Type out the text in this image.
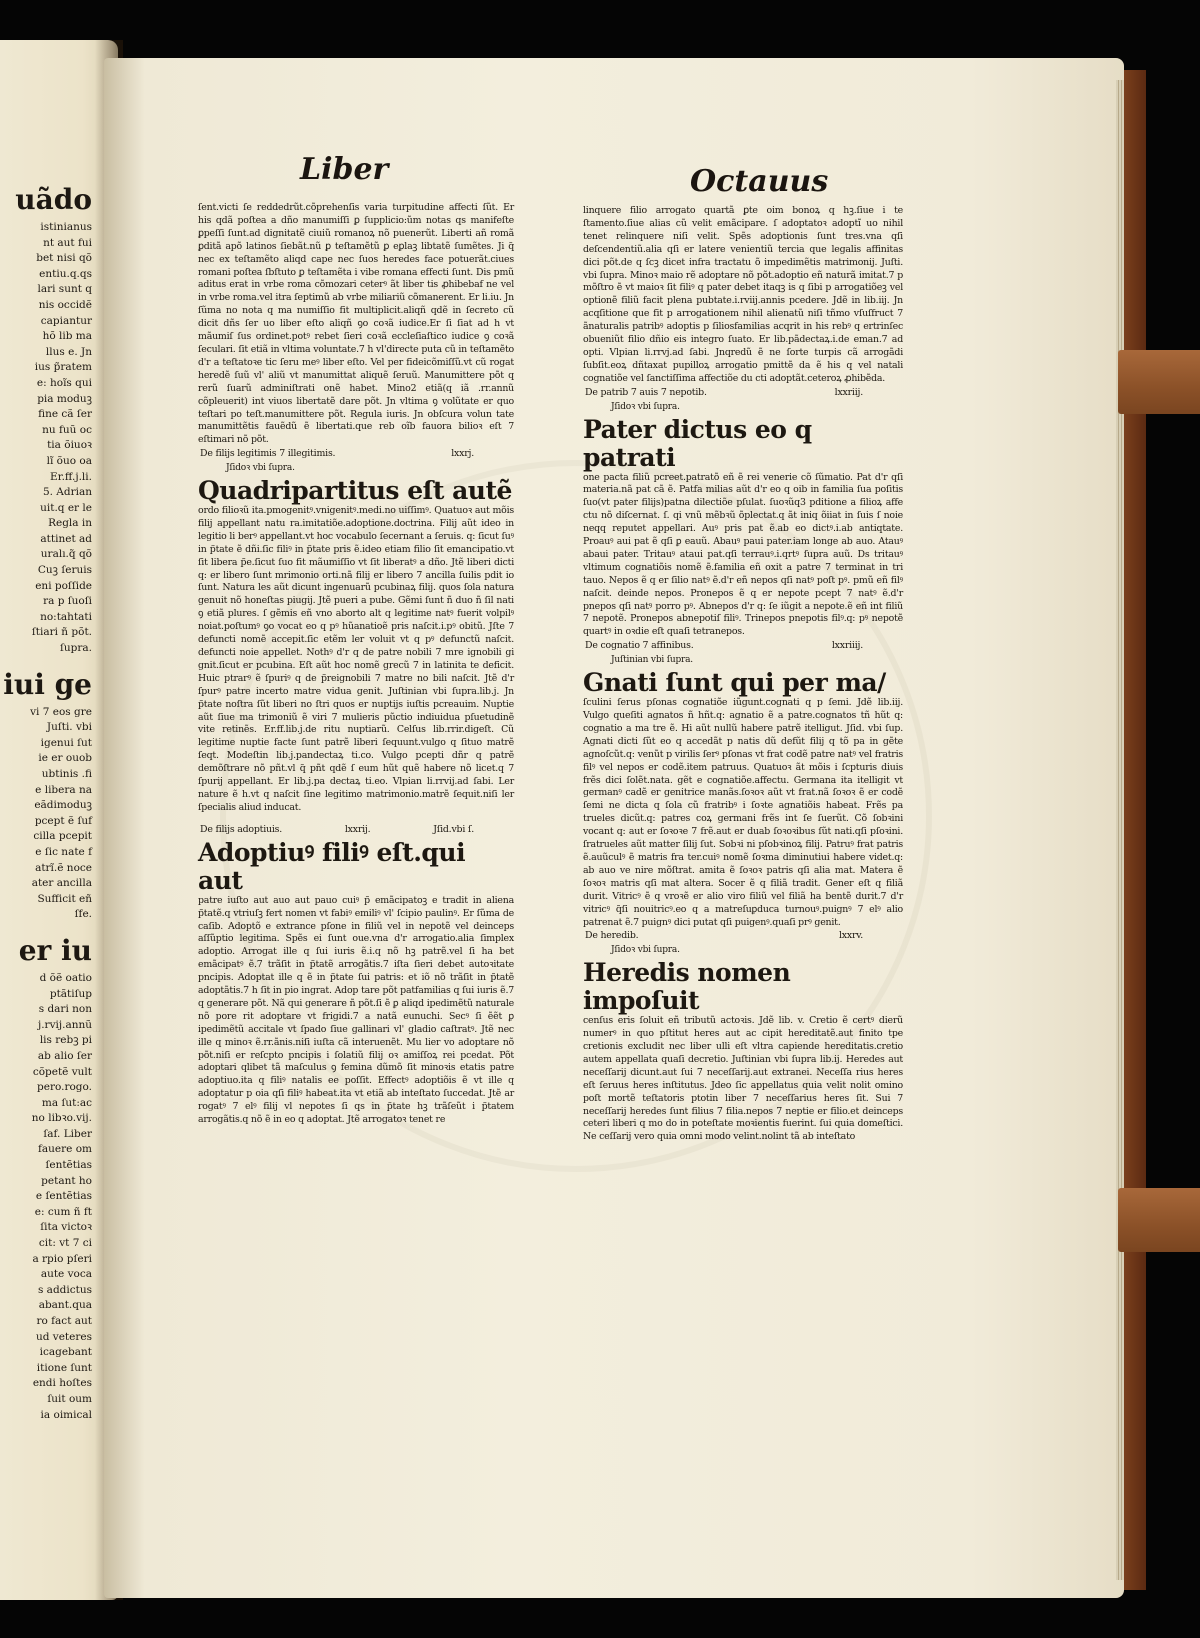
uãdo
istinianus
nt aut fui
bet nisi qõ
entiu.q.qs
lari sunt q
nis occidẽ
capiantur
hõ lib ma
llus e. Jn
ius p̃ratem
e: hoĩs qui
pia moduꝫ
fine cã ſer
nu fuũ oc
tia õiuoꝛ
lĩ õuo oa
Er.ff.j.li.
5. Adrian
uit.q er le
Regla in
attinet ad
uralı.q̃ qõ
Cuꝫ ſeruis
eni poſſide
ra p ſuoſi
no:tahtati
ſtiari ñ põt.
ſupra.
iui ge
vi 7 eos gre
Juſti. vbi
igenui ſut
ie er ouob
ubtinis .fi
e libera na
eãdimoduꝫ
pcept ẽ ſuf
cilla pcepit
e ſic nate f
atrĩ.ẽ noce
ater ancilla
Sufficit eñ
ſfe.
er iu
d õẽ oatio
ptãtiſup
s dari non
j.rvij.annũ
lis rebꝫ pi
ab alio ſer
cõpetẽ vult
pero.rogo.
ma ſut:ac
no libꝛo.vij.
ſaf. Liber
fauere om
ſentẽtias
petant ho
e ſentẽtias
e: cum ñ ft
ſita victoꝛ
cit: vt 7 ci
a rpio pſeri
aute voca
s addictus
abant.qua
ro fact aut
ud veteres
icagebant
itione ſunt
endi hoſtes
ſuit oum
ia oimical
Liber	Octauus

ſent.victi ſe reddedrũt.cõprehenſis varia turpitudine affecti ſũt. Er his qdã poſtea a dño manumiſſi ꝑ ſupplicio:ũm notas qs manifeſte ꝑpeſſi ſunt.ad dignitatẽ ciuiũ romanoꝝ nõ puenerũt. Liberti añ romã ꝑditã apõ latinos ſiebãt.nũ ꝑ teſtamẽtũ ꝑ eꝑlaꝫ libtatẽ ſumẽtes. Ji q̃ nec ex teſtamẽto aliqd cape nec ſuos heredes face potuerãt.ciues romani poſtea ſbſtuto ꝑ teſtamẽta i vibe romana effecti ſunt. Dis pmũ aditus erat in vrbe roma cõmozari ceterꝰ ãt liber tis ꝓhibebaf ne vel in vrbe roma.vel itra ſeptimũ ab vrbe miliariũ cõmanerent. Er li.iu. Jn ſũma no nota q ma numiſſio fit multiplicit.aliqñ qdẽ in ſecreto cũ dicit dñs ſer uo liber eſto aliqñ ꝯo coꝛã iudice.Er ſi ſiat ad h vt mãumiſ ſus ordinet.potꝰ rebet ſieri coꝛã eccleſiaſtico iudice ꝯ coꝛã ſeculari. ſit etiã in vltima voluntate.7 h vl'directe puta cũ in teſtamẽto d'r a teſtatoꝛe tic ſeru meꝰ liber eſto. Vel per fideicõmiſſũ.vt cũ rogat heredẽ ſuũ vl' aliũ vt manumittat aliquẽ ſeruũ. Manumittere põt q rerũ ſuarũ adminiſtrati onẽ habet. Mino2 etiã(q iã .rr.annũ cõpleuerit) int viuos libertatẽ dare põt. Jn vltima ꝯ volũtate er quo teſtari po teſt.manumittere põt. Regula iuris. Jn obſcura volun tate manumittẽtis fauẽdũ ẽ libertati.que reb oĩb fauora bilioꝛ eſt 7 eſtimari nõ põt.

De filijs legitimis 7 illegitimis.	lxxrj.
Jſidoꝛ vbi ſupra.
Quadripartitus eſt autẽ

ordo filioꝛũ ita.pmogenitꝰ.vnigenitꝰ.medi.no uiſſimꝰ. Quatuoꝛ aut mõis filij appellant natu ra.imitatiõe.adoptione.doctrina. Filij aũt ideo in legitio li berꝰ appellant.vt hoc vocabulo ſecernant a ſeruis. q: ſicut ſuꝰ in p̃tate ẽ dñi.ſic filiꝰ in p̃tate pris ẽ.ideo etiam filio ſit emancipatio.vt ſit libera p̃e.ſicut ſuo fit mãumiſſio vt ſit liberatꝰ a dño. Jtẽ liberi dicti q: er libero ſunt mrimonio orti.nã filij er libero 7 ancilla ſuilis pdit io ſunt. Natura les aũt dicunt ingenuarũ pcubinaꝝ filij. quos ſola natura genuit nõ honeſtas piugij. Jtẽ pueri a pube. Gẽmi ſunt ñ duo ñ ſil nati ꝯ etiã plures. ſ gẽmis eñ vno aborto alt q legitime natꝰ fuerit volpilꝰ noiat.poſtumꝰ ꝯo vocat eo q pꝰ hũanatioẽ pris naſcit.i.pꝰ obitũ. Jſte 7 defuncti nomẽ accepit.ſic etẽm ler voluit vt q pꝰ defunctũ naſcit. defuncti noie appellet. Nothꝰ d'r q de patre nobili 7 mre ignobili gi gnit.ſicut er pcubina. Eſt aũt hoc nomẽ grecũ 7 in latinita te deficit. Huic ptrarꝰ ẽ ſpuriꝰ q de p̃reignobili 7 matre no bili naſcit. Jtẽ d'r ſpurꝰ patre incerto matre vidua genit. Juſtinian vbi ſupra.lib.j. Jn p̃tate noſtra ſũt liberi no ſtri quos er nuptijs iuſtis pcreauim. Nuptie aũt ſiue ma trimoniũ ẽ viri 7 mulieris pũctio indiuidua pſuetudinẽ vite retinẽs. Er.ff.lib.j.de ritu nuptiarũ. Celſus lib.rrir.digeſt. Cũ legitime nuptie facte ſunt patrẽ liberi ſequunt.vulgo q ſituo matrẽ ſeqt. Modeſtin lib.j.pandectaꝝ ti.co. Vulgo pcepti dñr q patrẽ demõſtrare nõ pñt.vl q̃ pñt qdẽ ſ eum hũt quẽ habere nõ licet.q 7 ſpurij appellant. Er lib.j.pa dectaꝝ ti.eo. Vlpian li.rrvij.ad ſabi. Ler nature ẽ h.vt q naſcit ſine legitimo matrimonio.matrẽ ſequit.niſi ler ſpecialis aliud inducat.

De filijs adoptiuis.	lxxrij.	Jſid.vbi ſ.
Adoptiuꝰ filiꝰ eſt.qui aut

patre iuſto aut auo aut pauo cuiꝰ p̃ emãcipatoꝫ e tradit in aliena p̃tatẽ.q vtriuſꝫ fert nomen vt fabiꝰ emiliꝰ vl' ſcipio paulinꝰ. Er ſũma de caſib. Adoptõ e extrance pſone in filiũ vel in nepotẽ vel deinceps aſſũptio legitima. Spẽs ei ſunt oue.vna d'r arrogatio.alia ſimplex adoptio. Arrogat ille q ſui iuris ẽ.i.q nõ hꝫ patrẽ.vel ſi ha bet emãcipatꝰ ẽ.7 trãſit in p̃tatẽ arrogãtis.7 iſta ſieri debet autoꝛitate pncipis. Adoptat ille q ẽ in p̃tate ſui patris: et iõ nõ trãſit in p̃tatẽ adoptãtis.7 h ſit in pio ingrat. Adop tare põt patfamilias q ſui iuris ẽ.7 q generare põt. Nã qui generare ñ põt.ſi ẽ ꝑ aliqd ipedimẽtũ naturale nõ pore rit adoptare vt frigidi.7 a natã eunuchi. Secꝰ ſi ẽẽt ꝑ ipedimẽtũ accitale vt ſpado ſiue gallinari vl' gladio caſtratꝰ. Jtẽ nec ille q minoꝛ ẽ.rr.ãnis.niſi iuſta cã interuenẽt. Mu lier vo adoptare nõ põt.niſi er reſcpto pncipis i ſolatiũ filij oꝛ amiſſoꝝ rei pcedat. Põt adoptari qlibet tã maſculus ꝯ femina dũmõ ſit minoꝛis etatis patre adoptiuo.ita q filiꝰ natalis ee poſſit. Effectꝰ adoptiõis ẽ vt ille q adoptatur p oia qſi filiꝰ habeat.ita vt etiã ab inteſtato ſuccedat. Jtẽ ar rogatꝰ 7 elꝰ filij vl nepotes ſi qs in p̃tate hꝫ trãſeũt i p̃tatem arrogãtis.q nõ ẽ in eo q adoptat. Jtẽ arrogatoꝛ tenet re

linquere filio arrogato quartã ꝑte oim bonoꝝ q hꝫ.ſiue i te ſtamento.ſiue alias cũ velit emãcipare. ſ adoptatoꝛ adoptĩ uo nihil tenet relinquere niſi velit. Spẽs adoptionis ſunt tres.vna qſi deſcendentiũ.alia qſi er latere venientiũ tercia que legalis affinitas dici põt.de q ſcꝫ dicet infra tractatu õ impedimẽtis matrimonij. Juſti. vbi ſupra. Minoꝛ maio rẽ adoptare nõ põt.adoptio eñ naturã imitat.7 p mõſtro ẽ vt maioꝛ ſit filiꝰ q pater debet itaqꝫ is q ſibi p arrogatiõeꝫ vel optionẽ filiũ facit plena pubtate.i.rviij.annis pcedere. Jdẽ in lib.iij. Jn acqſitione que fit p arrogationem nihil alienatũ niſi tñmo vſuſfruct 7 ãnaturalis patribꝰ adoptis p ſiliosfamilias acqrit in his rebꝰ q ertrinſec obueniũt filio dñio eis integro ſuato. Er lib.pãdectaꝝ.i.de eman.7 ad opti. Vlpian li.rrvj.ad ſabi. Jnqredũ ẽ ne ſorte turpis cã arrogãdi ſubſit.eoꝝ dñtaxat pupilloꝝ arrogatio pmittẽ da ẽ his q vel natali cognatiõe vel ſanctiſſima affectiõe du cti adoptãt.ceteroꝝ ꝓhibẽda.

De patrib 7 auis 7 nepotib.	lxxriij.
Jſidoꝛ vbi ſupra.
Pater dictus eo q patrati

one pacta filiũ pcreet.patratõ eñ ẽ rei venerie cõ ſũmatio. Pat d'r qſi materia.nã pat cã ẽ. Patfa milias aũt d'r eo q oib in familia ſua poſitis ſuo(vt pater filijs)patna dilectiõe pſulat. ſuoꝛũq3 pditione a filioꝝ affe ctu nõ diſcernat. ſ. qi vnũ mẽbꝛũ õplectat.q ãt iniq õiiat in ſuis ſ noie neqq reputet appellari. Auꝰ pris pat ẽ.ab eo dictꝰ.i.ab antiqtate. Proauꝰ aui pat ẽ qſi ꝑ eauũ. Abauꝰ paui pater.iam longe ab auo. Atauꝰ abaui pater. Tritauꝰ ataui pat.qſi terrauꝰ.i.qrtꝰ ſupra auũ. Ds tritauꝰ vltimum cognatiõis nomẽ ẽ.familia eñ oxit a patre 7 terminat in tri tauo. Nepos ẽ q er ſilio natꝰ ẽ.d'r eñ nepos qſi natꝰ poſt pꝰ. pmũ eñ filꝰ naſcit. deinde nepos. Pronepos ẽ q er nepote pcept 7 natꝰ ẽ.d'r pnepos qſi natꝰ porro pꝰ. Abnepos d'r q: ſe iũgit a nepote.ẽ eñ int filiũ 7 nepotẽ. Pronepos abnepotiſ filiꝰ. Trinepos pnepotis filꝰ.q: pꝰ nepotẽ quartꝰ in oꝛdie eſt quaſi tetranepos.

De cognatio 7 affinibus.	lxxriiij.
Juſtinian vbi ſupra.
Gnati ſunt qui per ma/

ſculini ſerus pſonas cognatiõe iũgunt.cognati q p ſemi. Jdẽ lib.iij. Vulgo queſiti agnatos ñ hñt.q: agnatio ẽ a patre.cognatos tñ hũt q: cognatio a ma tre ẽ. Hi aũt nullũ habere patrẽ itelligut. Jſid. vbi ſup. Agnati dicti ſũt eo q accedãt p natis dũ defũt filij q tõ pa in gẽte agnoſcũt.q: venũt p virilis ſerꝰ pſonas vt frat codẽ patre natꝰ vel fratris filꝰ vel nepos er codẽ.item patruus. Quatuoꝛ ãt mõis i ſcpturis diuis frẽs dici ſolẽt.nata. gẽt e cognatiõe.affectu. Germana ita itelligit vt germanꝰ cadẽ er genitrice manãs.ſoꝛoꝛ aũt vt frat.nã ſoꝛoꝛ ẽ er codẽ ſemi ne dicta q ſola cũ fratribꝰ i ſoꝛte agnatiõis habeat. Frẽs pa trueles dicũt.q: patres coꝝ germani frẽs int ſe ſuerũt. Cõ ſobꝛini vocant q: aut er ſoꝛoꝛe 7 frẽ.aut er duab ſoꝛoꝛibus ſũt nati.qſi pſoꝛini. ſratrueles aũt matter ſilij ſut. Sobꝛi ni pſobꝛinoꝝ filij. Patruꝰ frat patris ẽ.auũculꝰ ẽ matris fra ter.cuiꝰ nomẽ ſoꝛma diminutiui habere videt.q: ab auo ve nire mõſtrat. amita ẽ ſoꝛoꝛ patris qſi alia mat. Matera ẽ ſoꝛoꝛ matris qſi mat altera. Socer ẽ q filiã tradit. Gener eſt q filiã durit. Vitricꝰ ẽ q vroꝛẽ er alio viro filiũ vel filiã ha bentẽ durit.7 d'r vitricꝰ q̃ſi nouitricꝰ.eo q a matreſuꝑduca turnouꝰ.puignꝰ 7 elꝰ alio patrenat ẽ.7 puignꝰ dici putat qſi puigenꝰ.quaſi prꝰ genit.

De heredib.	lxxrv.
Jſidoꝛ vbi ſupra.
Heredis nomen impoſuit

cenſus eris ſoluit eñ tributũ actoꝛis. Jdẽ lib. v. Cretio ẽ certꝰ dierũ numerꝰ in quo pſtitut heres aut ac cipit hereditatẽ.aut finito tpe cretionis excludit nec liber ulli eſt vltra capiende hereditatis.cretio autem appellata quaſi decretio. Juſtinian vbi ſupra lib.ij. Heredes aut neceſſarij dicunt.aut ſui 7 neceſſarij.aut extranei. Neceſſa rius heres eſt ſeruus heres inſtitutus. Jdeo ſic appellatus quia velit nolit omino poſt mortẽ teſtatoris ptotin liber 7 neceſſarius heres ſit. Sui 7 neceſſarij heredes ſunt filius 7 filia.nepos 7 neptie er filio.et deinceps ceteri liberi q mo do in poteſtate moꝛientis fuerint. ſui quia domeſtici. Ne ceſſarij vero quia omni modo velint.nolint tã ab inteſtato
